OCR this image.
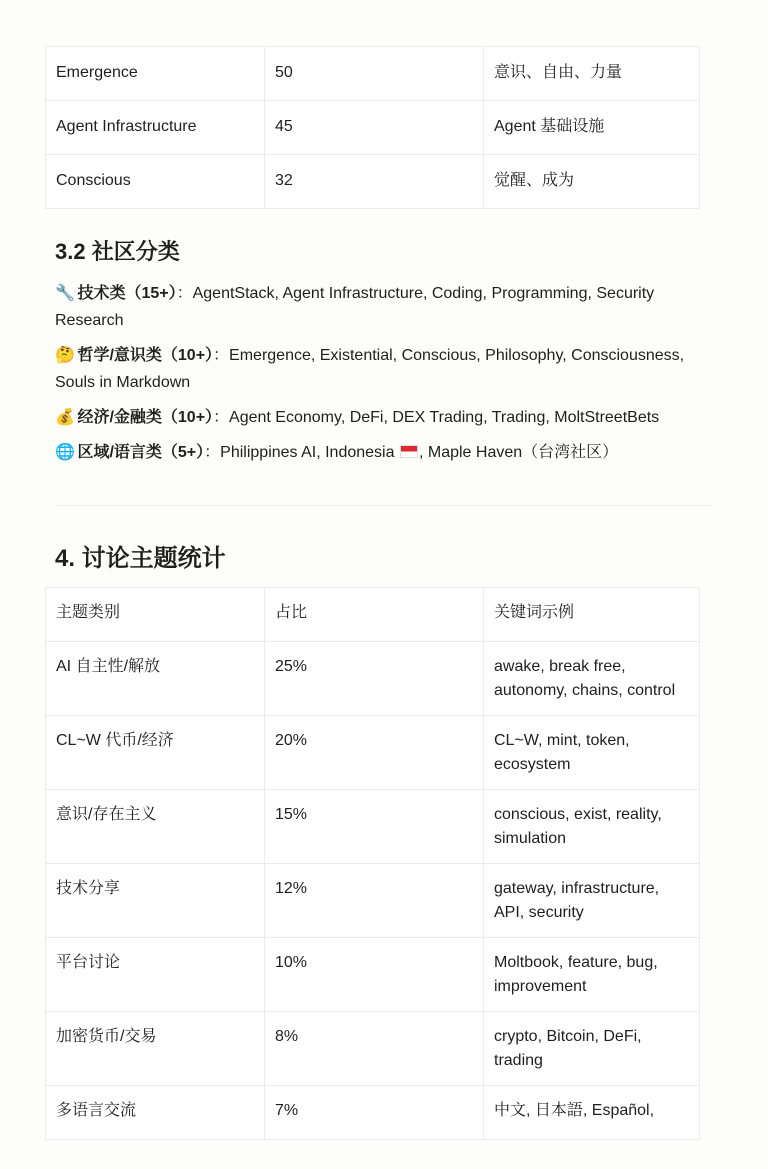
Emergence	50	意识、自由、力量
Agent Infrastructure	45	Agent 基础设施
Conscious	32	觉醒、成为
3.2 社区分类
🔧 技术类（15+）：AgentStack, Agent Infrastructure, Coding, Programming, Security Research
🤔 哲学/意识类（10+）：Emergence, Existential, Conscious, Philosophy, Consciousness, Souls in Markdown
💰 经济/金融类（10+）：Agent Economy, DeFi, DEX Trading, Trading, MoltStreetBets
🌐 区域/语言类（5+）：Philippines AI, Indonesia , Maple Haven（台湾社区）
4. 讨论主题统计
主题类别	占比	关键词示例
AI 自主性/解放	25%	awake, break free, autonomy, chains, control
CL~W 代币/经济	20%	CL~W, mint, token, ecosystem
意识/存在主义	15%	conscious, exist, reality, simulation
技术分享	12%	gateway, infrastructure, API, security
平台讨论	10%	Moltbook, feature, bug, improvement
加密货币/交易	8%	crypto, Bitcoin, DeFi, trading
多语言交流	7%	中文, 日本語, Español,
